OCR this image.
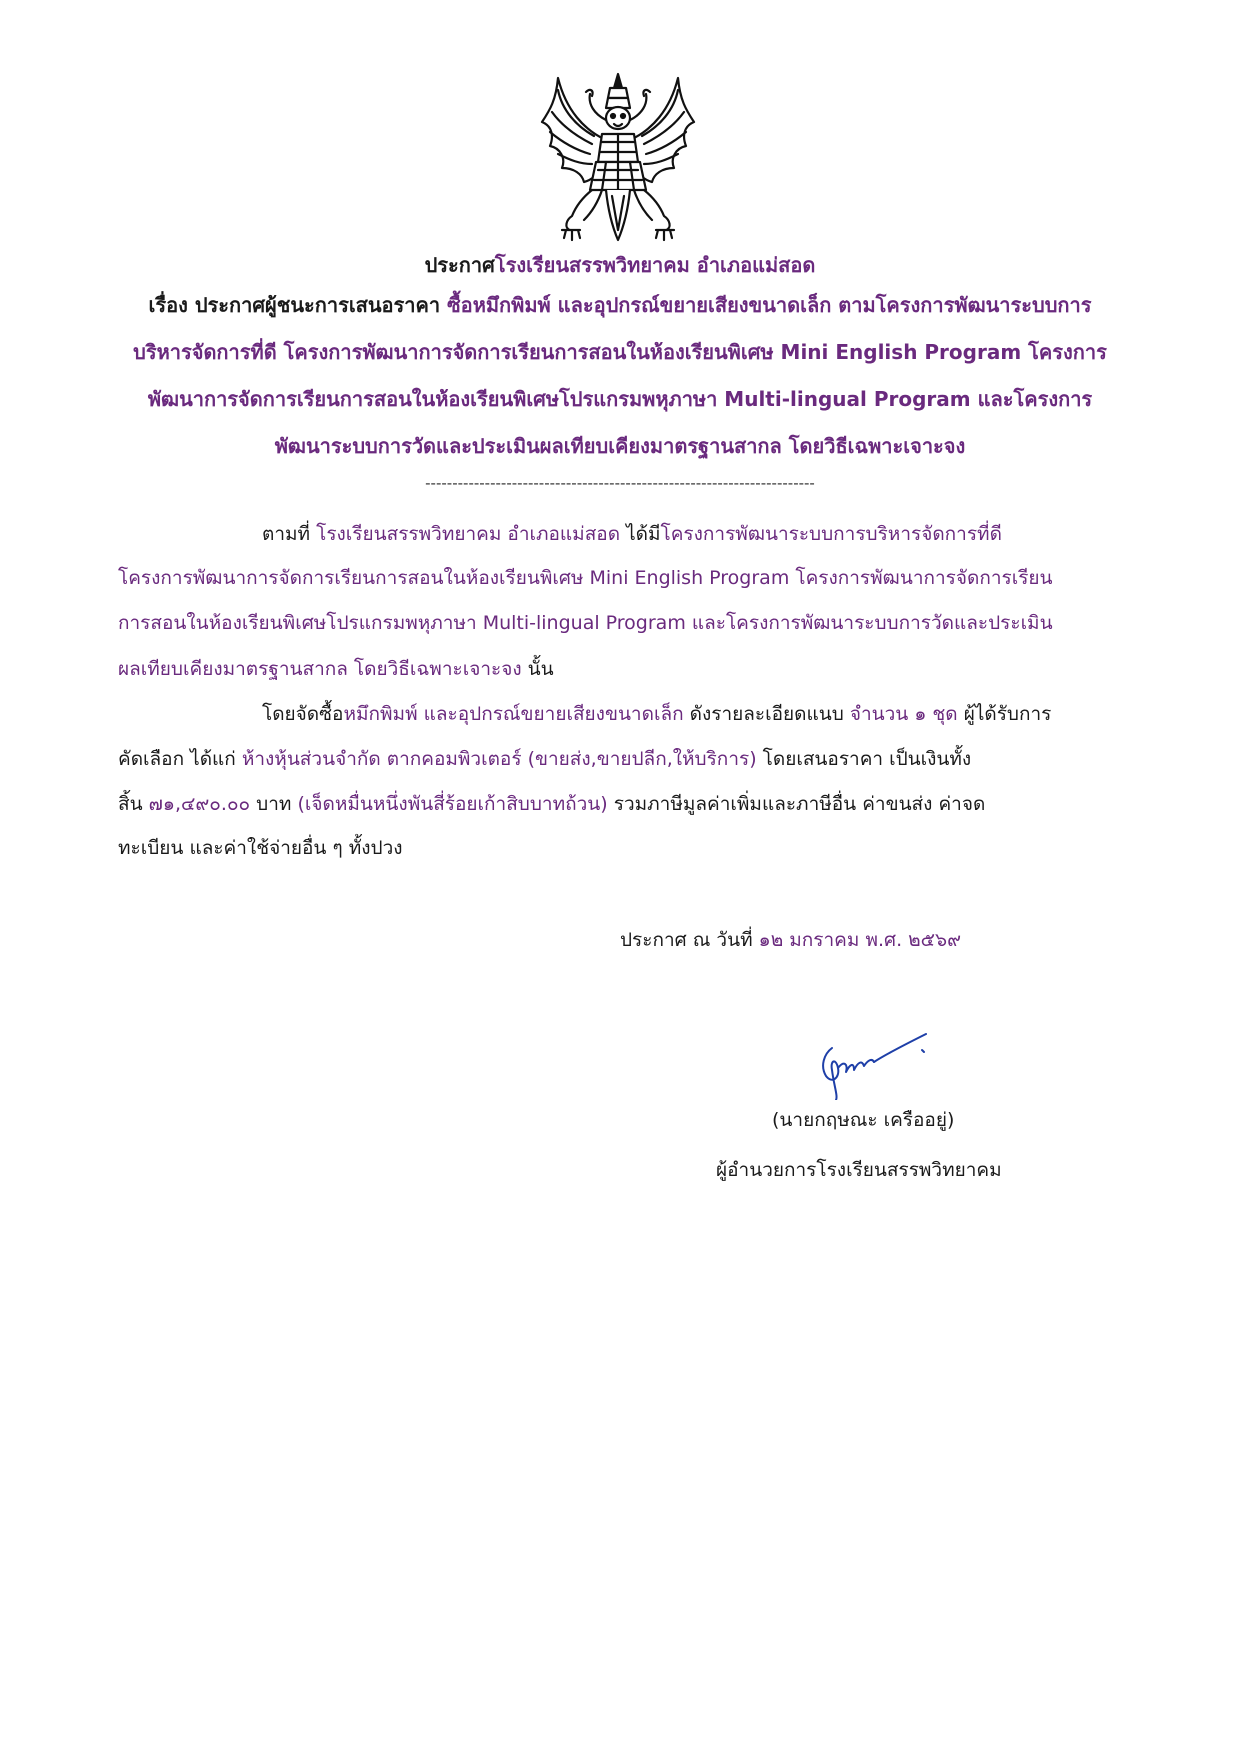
ประกาศโรงเรียนสรรพวิทยาคม อำเภอแม่สอด
เรื่อง ประกาศผู้ชนะการเสนอราคา ซื้อหมึกพิมพ์ และอุปกรณ์ขยายเสียงขนาดเล็ก ตามโครงการพัฒนาระบบการ
บริหารจัดการที่ดี โครงการพัฒนาการจัดการเรียนการสอนในห้องเรียนพิเศษ Mini English Program โครงการ
พัฒนาการจัดการเรียนการสอนในห้องเรียนพิเศษโปรแกรมพหุภาษา Multi-lingual Program และโครงการ
พัฒนาระบบการวัดและประเมินผลเทียบเคียงมาตรฐานสากล โดยวิธีเฉพาะเจาะจง
------------------------------------------------------------------------
ตามที่ โรงเรียนสรรพวิทยาคม อำเภอแม่สอด ได้มีโครงการพัฒนาระบบการบริหารจัดการที่ดี
โครงการพัฒนาการจัดการเรียนการสอนในห้องเรียนพิเศษ Mini English Program โครงการพัฒนาการจัดการเรียน
การสอนในห้องเรียนพิเศษโปรแกรมพหุภาษา Multi-lingual Program และโครงการพัฒนาระบบการวัดและประเมิน
ผลเทียบเคียงมาตรฐานสากล โดยวิธีเฉพาะเจาะจง นั้น
โดยจัดซื้อหมึกพิมพ์ และอุปกรณ์ขยายเสียงขนาดเล็ก ดังรายละเอียดแนบ จำนวน ๑ ชุด ผู้ได้รับการ
คัดเลือก ได้แก่ ห้างหุ้นส่วนจำกัด ตากคอมพิวเตอร์ (ขายส่ง,ขายปลีก,ให้บริการ) โดยเสนอราคา เป็นเงินทั้ง
สิ้น ๗๑,๔๙๐.๐๐ บาท (เจ็ดหมื่นหนึ่งพันสี่ร้อยเก้าสิบบาทถ้วน) รวมภาษีมูลค่าเพิ่มและภาษีอื่น ค่าขนส่ง ค่าจด
ทะเบียน และค่าใช้จ่ายอื่น ๆ ทั้งปวง
ประกาศ ณ วันที่ ๑๒ มกราคม พ.ศ. ๒๕๖๙
(นายกฤษณะ เครืออยู่)
ผู้อำนวยการโรงเรียนสรรพวิทยาคม
